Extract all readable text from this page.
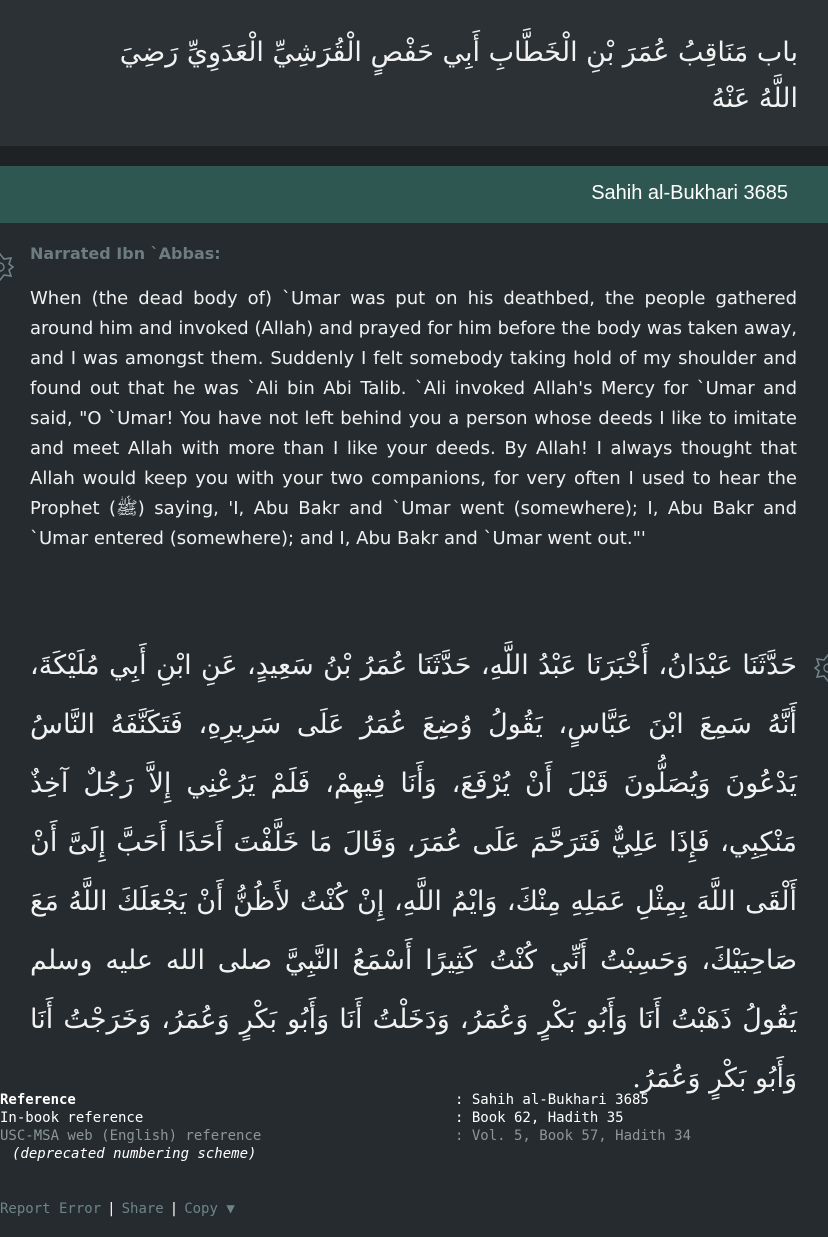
باب مَنَاقِبُ عُمَرَ بْنِ الْخَطَّابِ أَبِي حَفْصٍ الْقُرَشِيِّ الْعَدَوِيِّ رَضِيَ اللَّهُ عَنْهُ
Sahih al-Bukhari 3685
Narrated Ibn `Abbas:
When (the dead body of) `Umar was put on his deathbed, the people gathered around him and invoked (Allah) and prayed for him before the body was taken away, and I was amongst them. Suddenly I felt somebody taking hold of my shoulder and found out that he was `Ali bin Abi Talib. `Ali invoked Allah's Mercy for `Umar and said, "O `Umar! You have not left behind you a person whose deeds I like to imitate and meet Allah with more than I like your deeds. By Allah! I always thought that Allah would keep you with your two companions, for very often I used to hear the Prophet (ﷺ) saying, 'I, Abu Bakr and `Umar went (somewhere); I, Abu Bakr and `Umar entered (somewhere); and I, Abu Bakr and `Umar went out."'
حَدَّثَنَا عَبْدَانُ، أَخْبَرَنَا عَبْدُ اللَّهِ، حَدَّثَنَا عُمَرُ بْنُ سَعِيدٍ، عَنِ ابْنِ أَبِي مُلَيْكَةَ، أَنَّهُ سَمِعَ ابْنَ عَبَّاسٍ، يَقُولُ وُضِعَ عُمَرُ عَلَى سَرِيرِهِ، فَتَكَنَّفَهُ النَّاسُ يَدْعُونَ وَيُصَلُّونَ قَبْلَ أَنْ يُرْفَعَ، وَأَنَا فِيهِمْ، فَلَمْ يَرُعْنِي إِلاَّ رَجُلٌ آخِذٌ مَنْكِبِي، فَإِذَا عَلِيٌّ فَتَرَحَّمَ عَلَى عُمَرَ، وَقَالَ مَا خَلَّفْتَ أَحَدًا أَحَبَّ إِلَىَّ أَنْ أَلْقَى اللَّهَ بِمِثْلِ عَمَلِهِ مِنْكَ، وَايْمُ اللَّهِ، إِنْ كُنْتُ لأَظُنُّ أَنْ يَجْعَلَكَ اللَّهُ مَعَ صَاحِبَيْكَ، وَحَسِبْتُ أَنِّي كُنْتُ كَثِيرًا أَسْمَعُ النَّبِيَّ صلى الله عليه وسلم يَقُولُ ذَهَبْتُ أَنَا وَأَبُو بَكْرٍ وَعُمَرُ، وَدَخَلْتُ أَنَا وَأَبُو بَكْرٍ وَعُمَرُ، وَخَرَجْتُ أَنَا وَأَبُو بَكْرٍ وَعُمَرُ.
Reference	: Sahih al-Bukhari 3685
In-book reference	: Book 62, Hadith 35
USC-MSA web (English) reference	: Vol. 5, Book 57, Hadith 34
(deprecated numbering scheme)
Report Error | Share | Copy ▼
